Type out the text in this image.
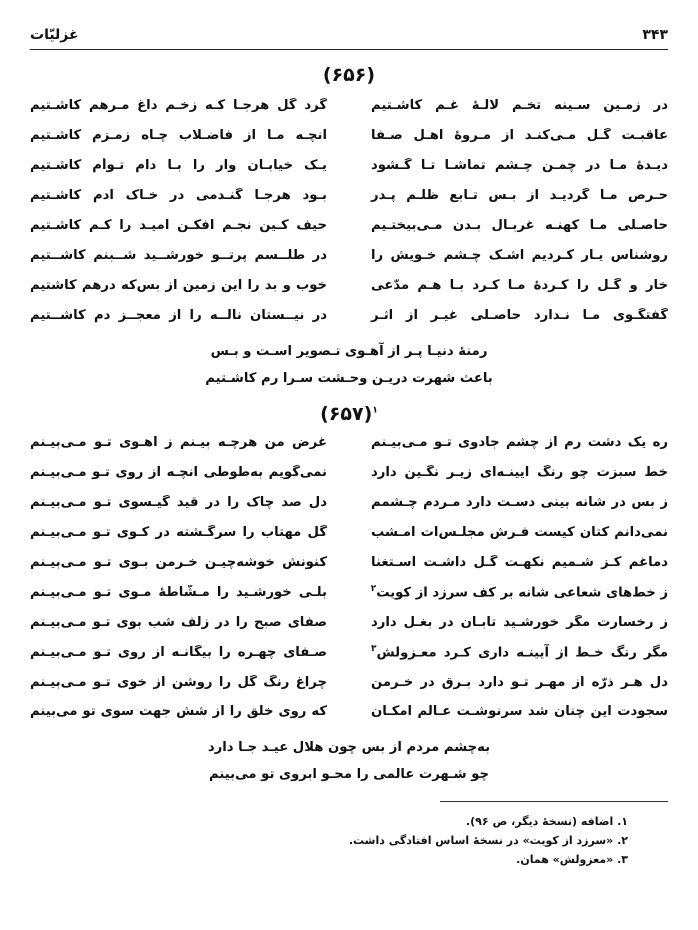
۳۴۳
غزلیّات
(۶۵۶)
در زمـین سـینه تخـم لالـهٔ غـم کاشـتیم
گرد گل هرجـا کـه زخـم داغ مـرهم کاشـتیم
عاقبـت گـل مـی‌کنـد از مـروهٔ اهـل صـفا
آنچـه مـا از فاضـلاب چـاه زمـزم کاشـتیم
دیـدهٔ مـا در چمـن چـشم تماشـا تـا گـشود
یـک خیابـان وار را بـا دام تـوأم کاشـتیم
حـرص مـا گردیـد از بـس تـابع ظلـم پـدر
بـود هرجـا گنـدمی در خـاک آدم کاشـتیم
حاصـلی مـا کهنـه غربـال بـدن مـی‌بیختـیم
حیف کـین نجـم افکـن امیـد را کـم کاشـتیم
روشناس یـار کـردیم اشـک چـشم خـویش را
در طلــسم پرتــو خورشــید شــبنم کاشــتیم
خار و گـل را کـردهٔ مـا کـرد بـا هـم مدّعی
خوب و بد را این زمین از بس‌که درهم کاشتیم
گفتگـوی مـا نـدارد حاصـلی غیـر از اثـر
در نیــستان نالــه را از معجــز دم کاشــتیم
رمنهٔ دنیـا پـر از آهـوی تـصویر اسـت و بـس
باعث شهرت دریـن وحـشت سـرا رم کاشـتیم
(۶۵۷)$^۱$
ره یک دشت رم از چشم جادوی تـو مـی‌بیـنم
غرض من هرچـه بیـنم ز آهـوی تـو مـی‌بیـنم
خط سبزت چو رنگ آیینـه‌ای زیـر نگـین دارد
نمی‌گویم به‌طوطی آنچـه از روی تـو مـی‌بیـنم
ز بس در شانه بینی دسـت دارد مـردم چـشمم
دل صد چاک را در قید گیـسوی تـو مـی‌بیـنم
نمی‌دانم کتان کیست فـرش مجلـس‌ات امـشب
گل مهتاب را سرگـشته در کـوی تـو مـی‌بیـنم
دماغم کـز شـمیم نکهـت گـل داشـت اسـتغنا
کنونش خوشه‌چیـن خـرمن بـوی تـو مـی‌بیـنم
ز خط‌های شعاعی شانه بر کف سرزد از کویت$^۲$
بلـی خورشـید را مـشّاطهٔ مـوی تـو مـی‌بیـنم
ز رخسارت مگر خورشـید تابـان در بغـل دارد
صفای صبح را در زلف شب بوی تـو مـی‌بیـنم
مگر رنگ خـط از آیینـه داری کـرد معـزولش$^۳$
صـفای چهـره را بیگانـه از روی تـو مـی‌بیـنم
دل هـر ذرّه از مهـر تـو دارد بـرق در خـرمن
چراغ رنگ گل را روشن از خوی تـو مـی‌بیـنم
سجودت این چنان شد سرنوشـت عـالم امکـان
که روی خلق را از شش جهت سوی تو می‌بینم
به‌چشم مردم از بس چون هلال عیـد جـا دارد
چو شـهرت عالمی را محـو ابروی تو می‌بینم
۱. اضافه (نسخهٔ دیگر، ص ۹۶).
۲. «سرزد از کویت» در نسخهٔ اساس افتادگی داشت.
۳. «معزولش» همان.
